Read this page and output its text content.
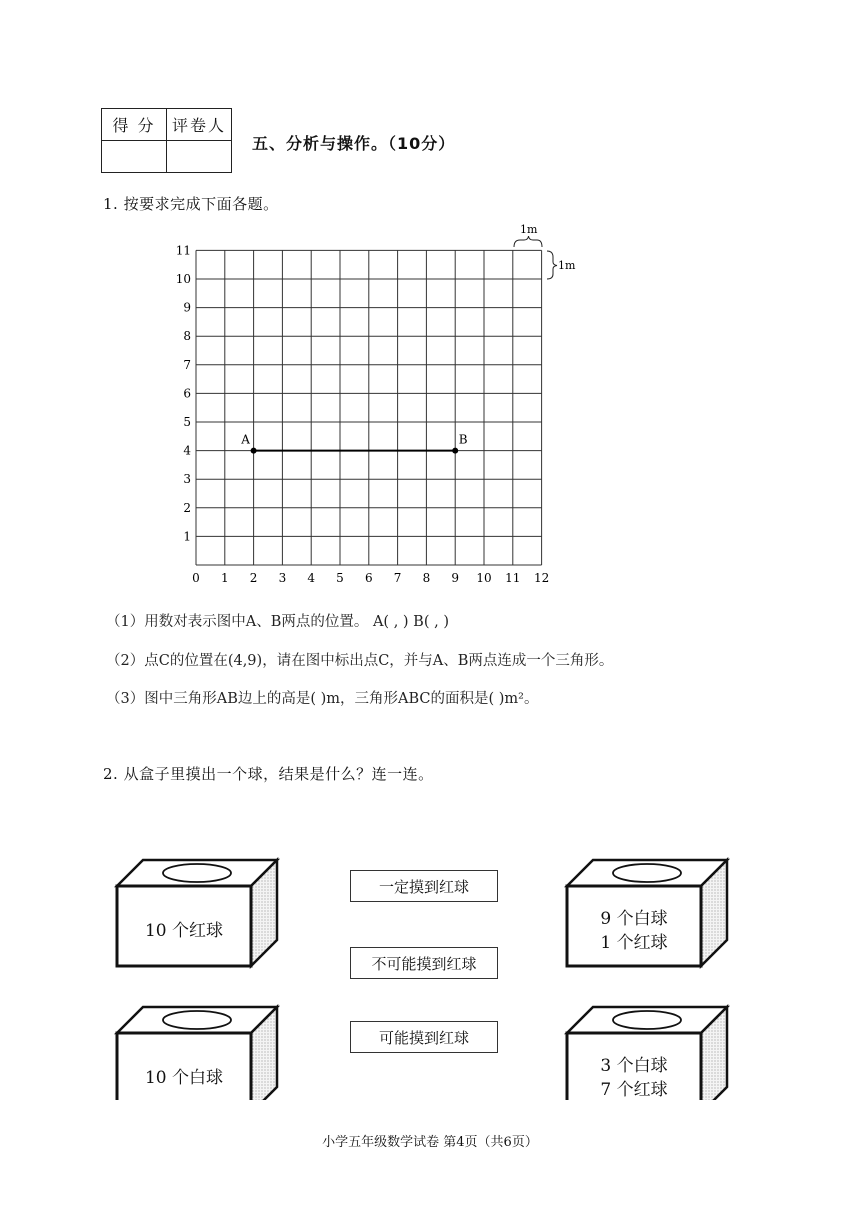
得 分	评卷人

五、分析与操作。（10分）
1. 按要求完成下面各题。
0 1 2 3 4 5 6 7 8 9 10 11 12
1
2
3
4
5
6
7
8
9
10
11
1m
1m
A	B
（1）用数对表示图中A、B两点的位置。 A( , ) B( , )
（2）点C的位置在(4,9)，请在图中标出点C，并与A、B两点连成一个三角形。
（3）图中三角形AB边上的高是( )m，三角形ABC的面积是( )m²。
2. 从盒子里摸出一个球，结果是什么？连一连。
10 个红球
10 个白球
9 个白球
1 个红球
3 个白球
7 个红球
一定摸到红球
不可能摸到红球
可能摸到红球
小学五年级数学试卷 第4页（共6页）
